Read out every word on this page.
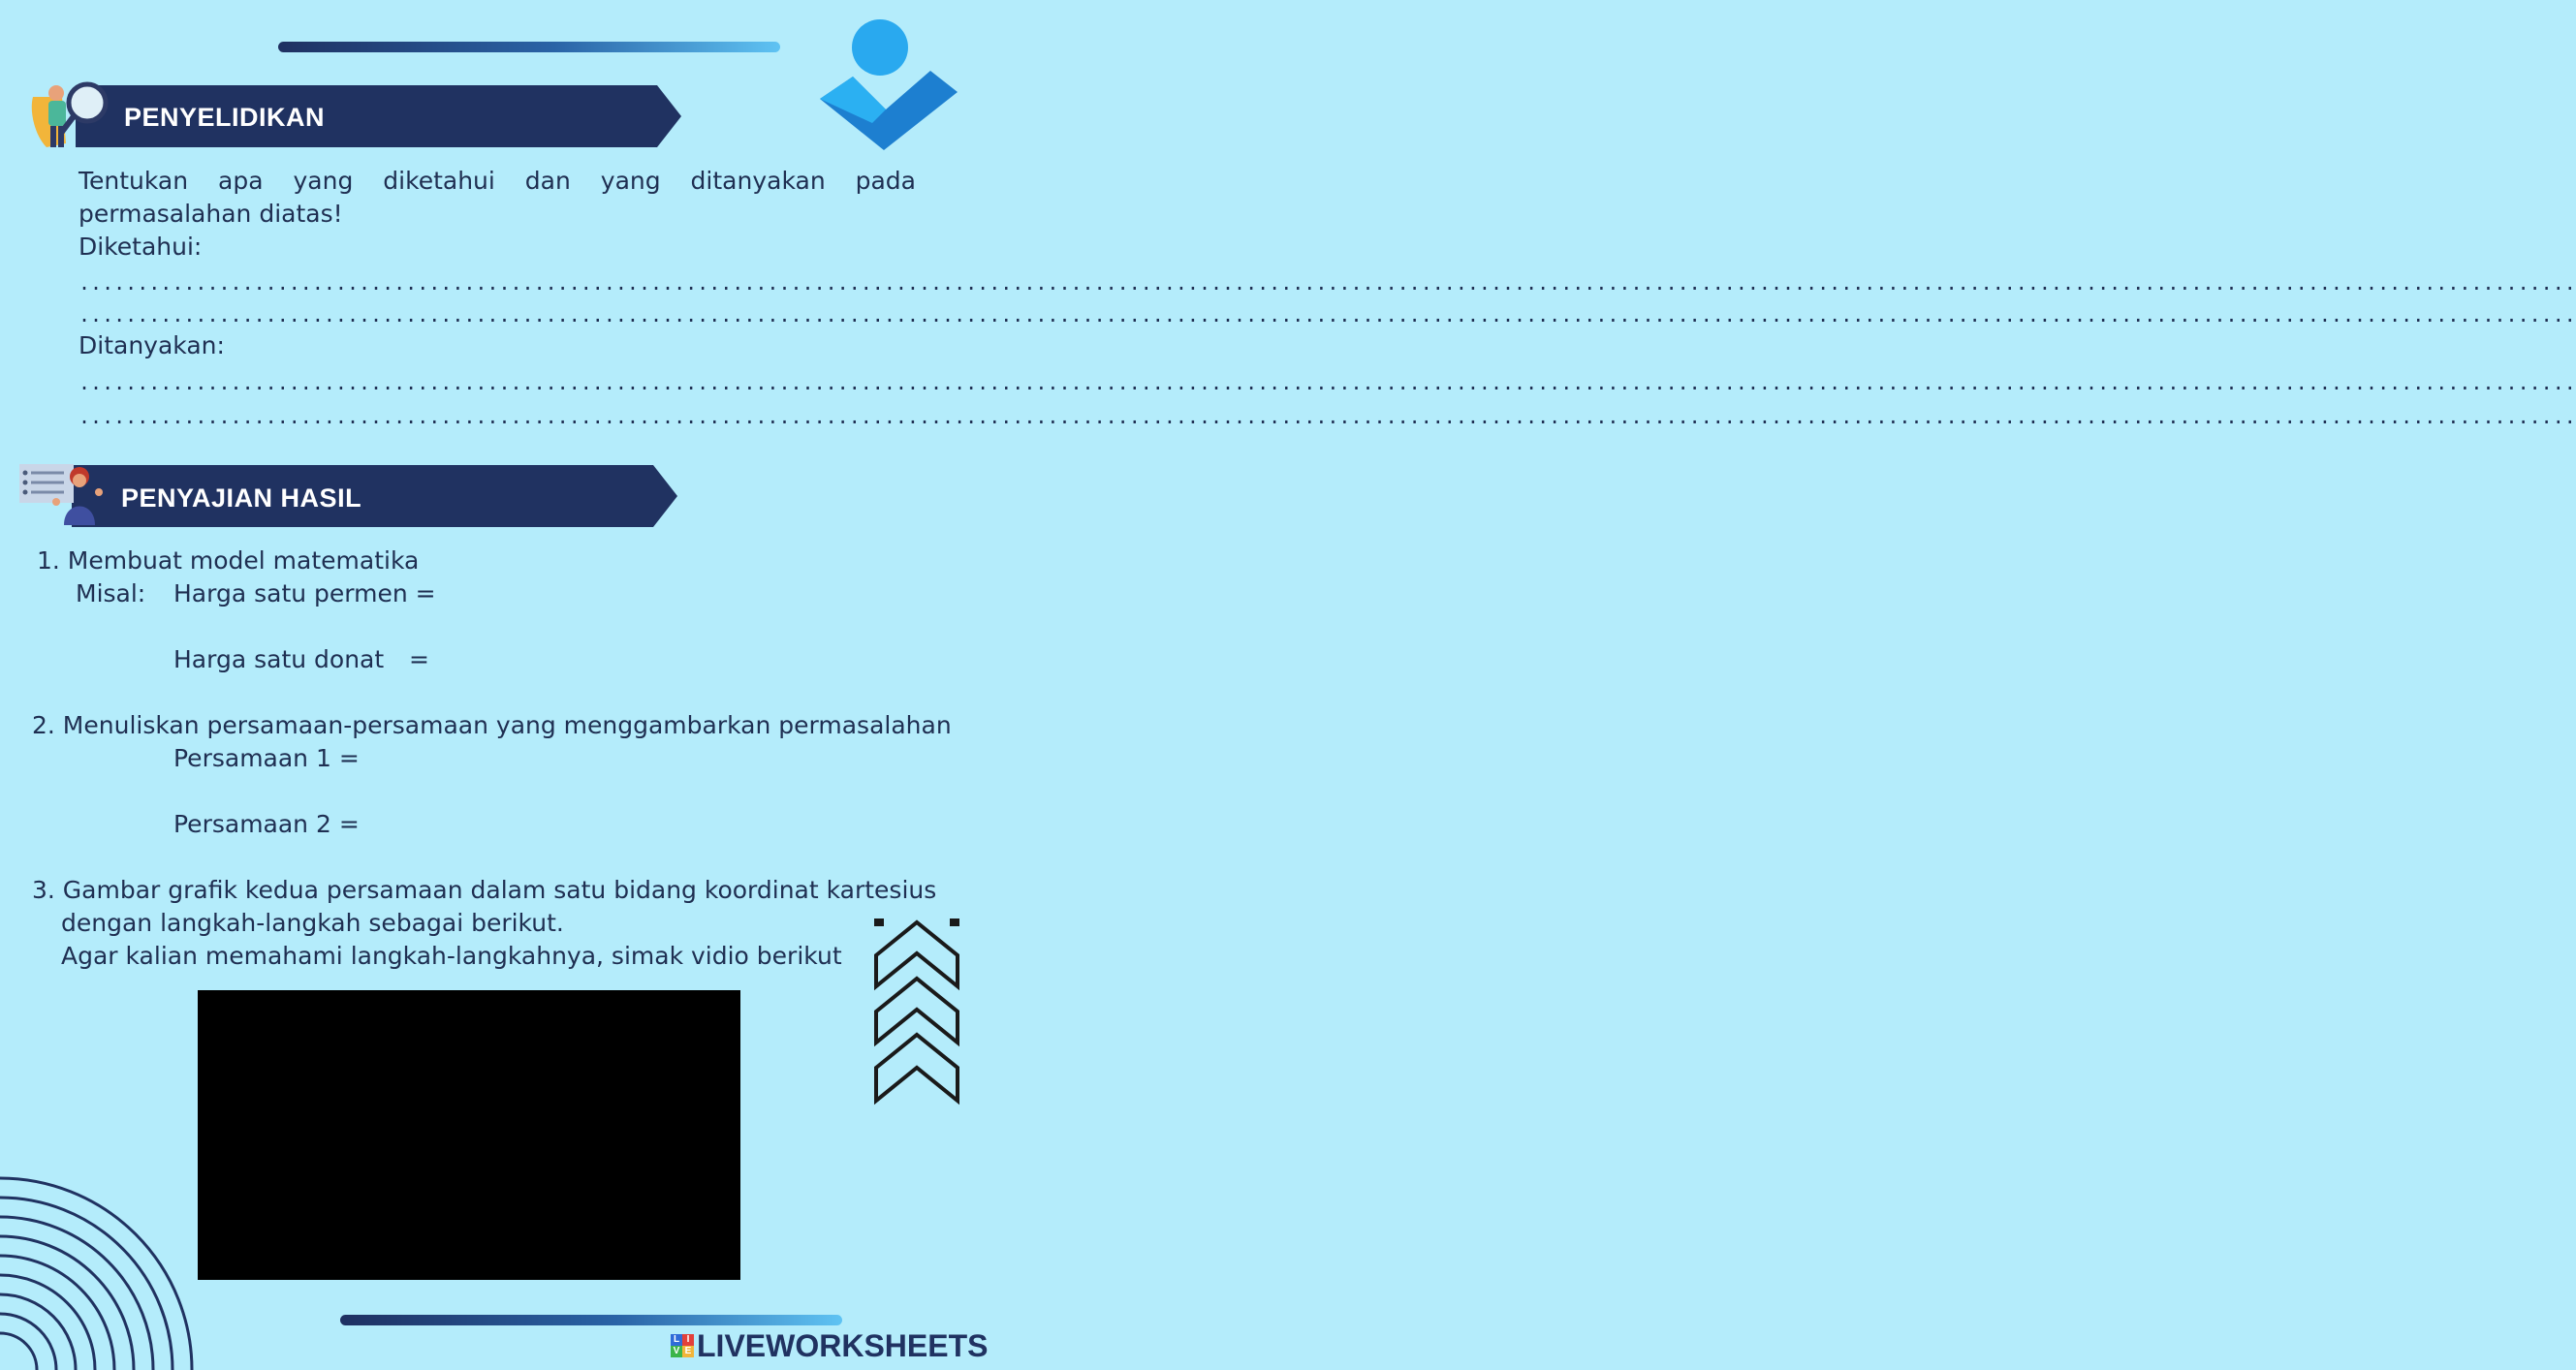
PENYELIDIKAN
Tentukan apa yang diketahui dan yang ditanyakan pada permasalahan diatas!
Diketahui:
......................................................................................................................................................................................................................
......................................................................................................................................................................................................................
Ditanyakan:
......................................................................................................................................................................................................................
......................................................................................................................................................................................................................
PENYAJIAN HASIL
1. Membuat model matematika
Misal: Harga satu permen =
Harga satu donat =
2. Menuliskan persamaan-persamaan yang menggambarkan permasalahan
Persamaan 1 =
Persamaan 2 =
3. Gambar grafik kedua persamaan dalam satu bidang koordinat kartesius
dengan langkah-langkah sebagai berikut.
Agar kalian memahami langkah-langkahnya, simak vidio berikut
L I
V E LIVEWORKSHEETS
